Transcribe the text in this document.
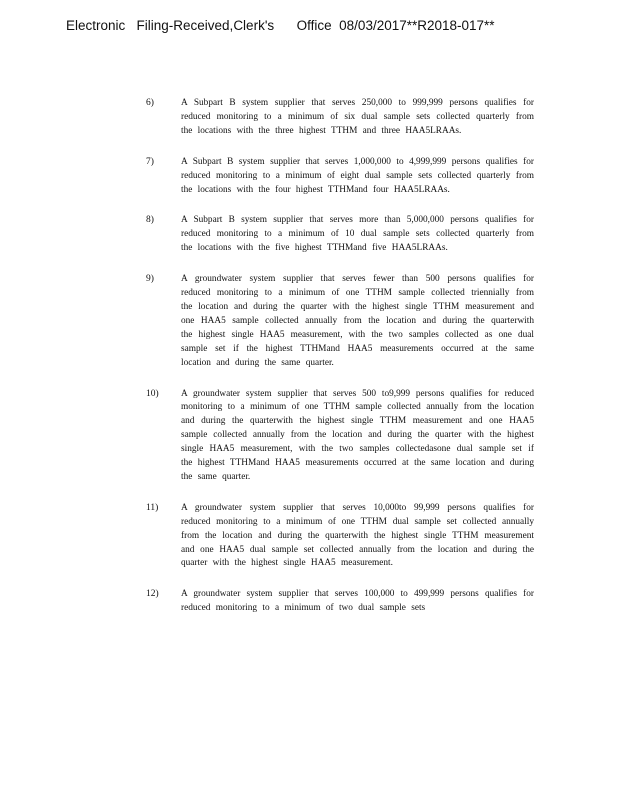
Electronic   Filing-Received,Clerk's      Office  08/03/2017**R2018-017**
6)	A Subpart B system supplier that serves 250,000 to 999,999 persons qualifies for reduced monitoring to a minimum of six dual sample sets collected quarterly from the locations with the three highest TTHM and three HAA5LRAAs.
7)	A Subpart B system supplier that serves 1,000,000 to 4,999,999 persons qualifies for reduced monitoring to a minimum of eight dual sample sets collected quarterly from the locations with the four highest TTHMand four HAA5LRAAs.
8)	A Subpart B system supplier that serves more than 5,000,000 persons qualifies for reduced monitoring to a minimum of 10 dual sample sets collected quarterly from the locations with the five highest TTHMand five HAA5LRAAs.
9)	A groundwater system supplier that serves fewer than 500 persons qualifies for reduced monitoring to a minimum of one TTHM sample collected triennially from the location and during the quarter with the highest single TTHM measurement and one HAA5 sample collected annually from the location and during the quarterwith the highest single HAA5 measurement, with the two samples collected as one dual sample set if the highest TTHMand HAA5 measurements occurred at the same location and during the same quarter.
10)	A groundwater system supplier that serves 500 to9,999 persons qualifies for reduced monitoring to a minimum of one TTHM sample collected annually from the location and during the quarterwith the highest single TTHM measurement and one HAA5 sample collected annually from the location and during the quarter with the highest single HAA5 measurement, with the two samples collectedasone dual sample set if the highest TTHMand HAA5 measurements occurred at the same location and during the same quarter.
11)	A groundwater system supplier that serves 10,000to 99,999 persons qualifies for reduced monitoring to a minimum of one TTHM dual sample set collected annually from the location and during the quarterwith the highest single TTHM measurement and one HAA5 dual sample set collected annually from the location and during the quarter with the highest single HAA5 measurement.
12)	A groundwater system supplier that serves 100,000 to 499,999 persons qualifies for reduced monitoring to a minimum of two dual sample sets
